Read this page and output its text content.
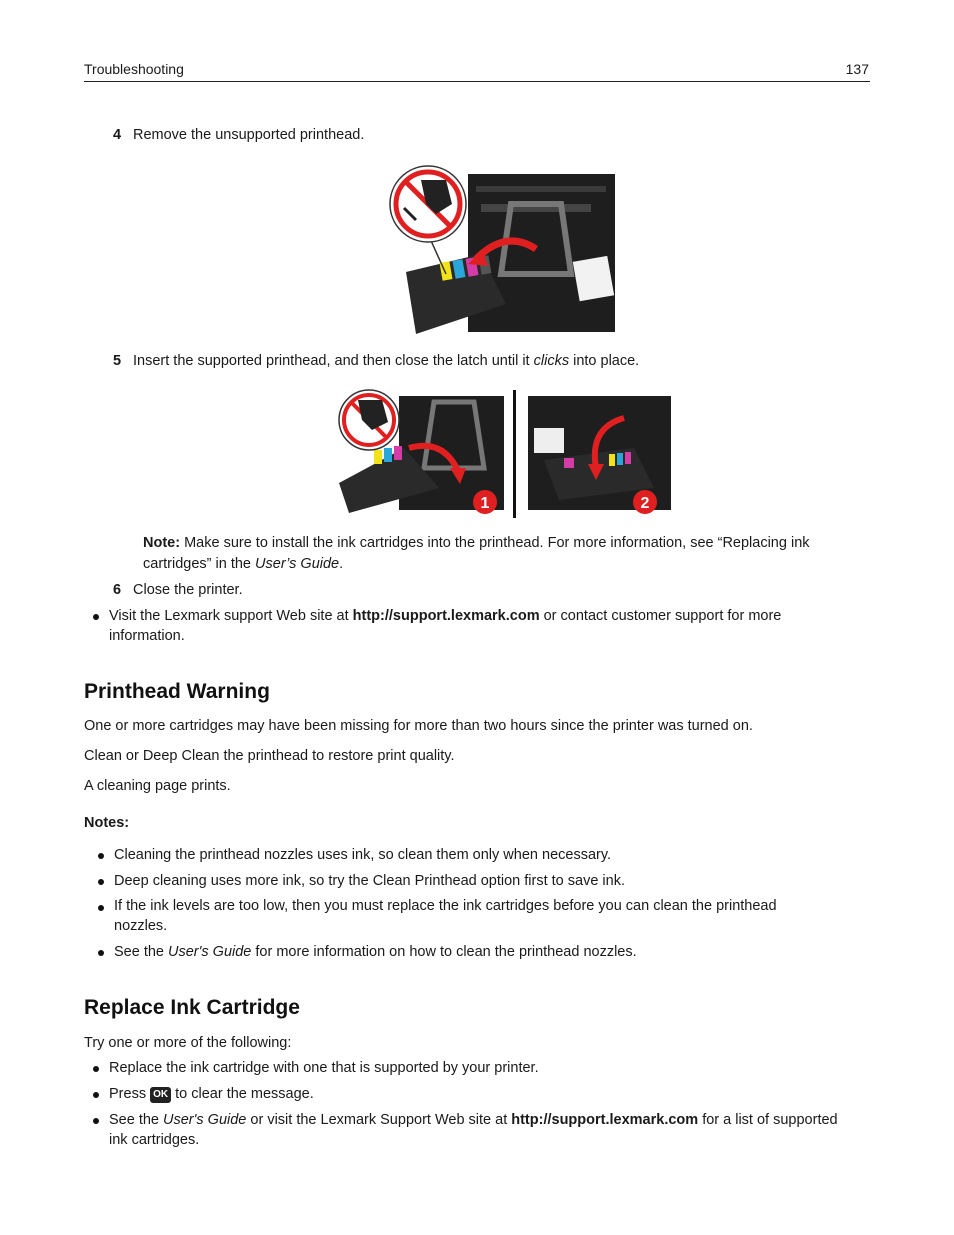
Troubleshooting	137
4 Remove the unsupported printhead.
5 Insert the supported printhead, and then close the latch until it clicks into place.
1	2
Note: Make sure to install the ink cartridges into the printhead. For more information, see “Replacing ink
cartridges” in the User’s Guide.
6 Close the printer.
Visit the Lexmark support Web site at http://support.lexmark.com or contact customer support for more
information.
Printhead Warning
One or more cartridges may have been missing for more than two hours since the printer was turned on.
Clean or Deep Clean the printhead to restore print quality.
A cleaning page prints.
Notes:
Cleaning the printhead nozzles uses ink, so clean them only when necessary.
Deep cleaning uses more ink, so try the Clean Printhead option first to save ink.
If the ink levels are too low, then you must replace the ink cartridges before you can clean the printhead
nozzles.
See the User's Guide for more information on how to clean the printhead nozzles.
Replace Ink Cartridge
Try one or more of the following:
Replace the ink cartridge with one that is supported by your printer.
Press OK to clear the message.
See the User's Guide or visit the Lexmark Support Web site at http://support.lexmark.com for a list of supported
ink cartridges.
